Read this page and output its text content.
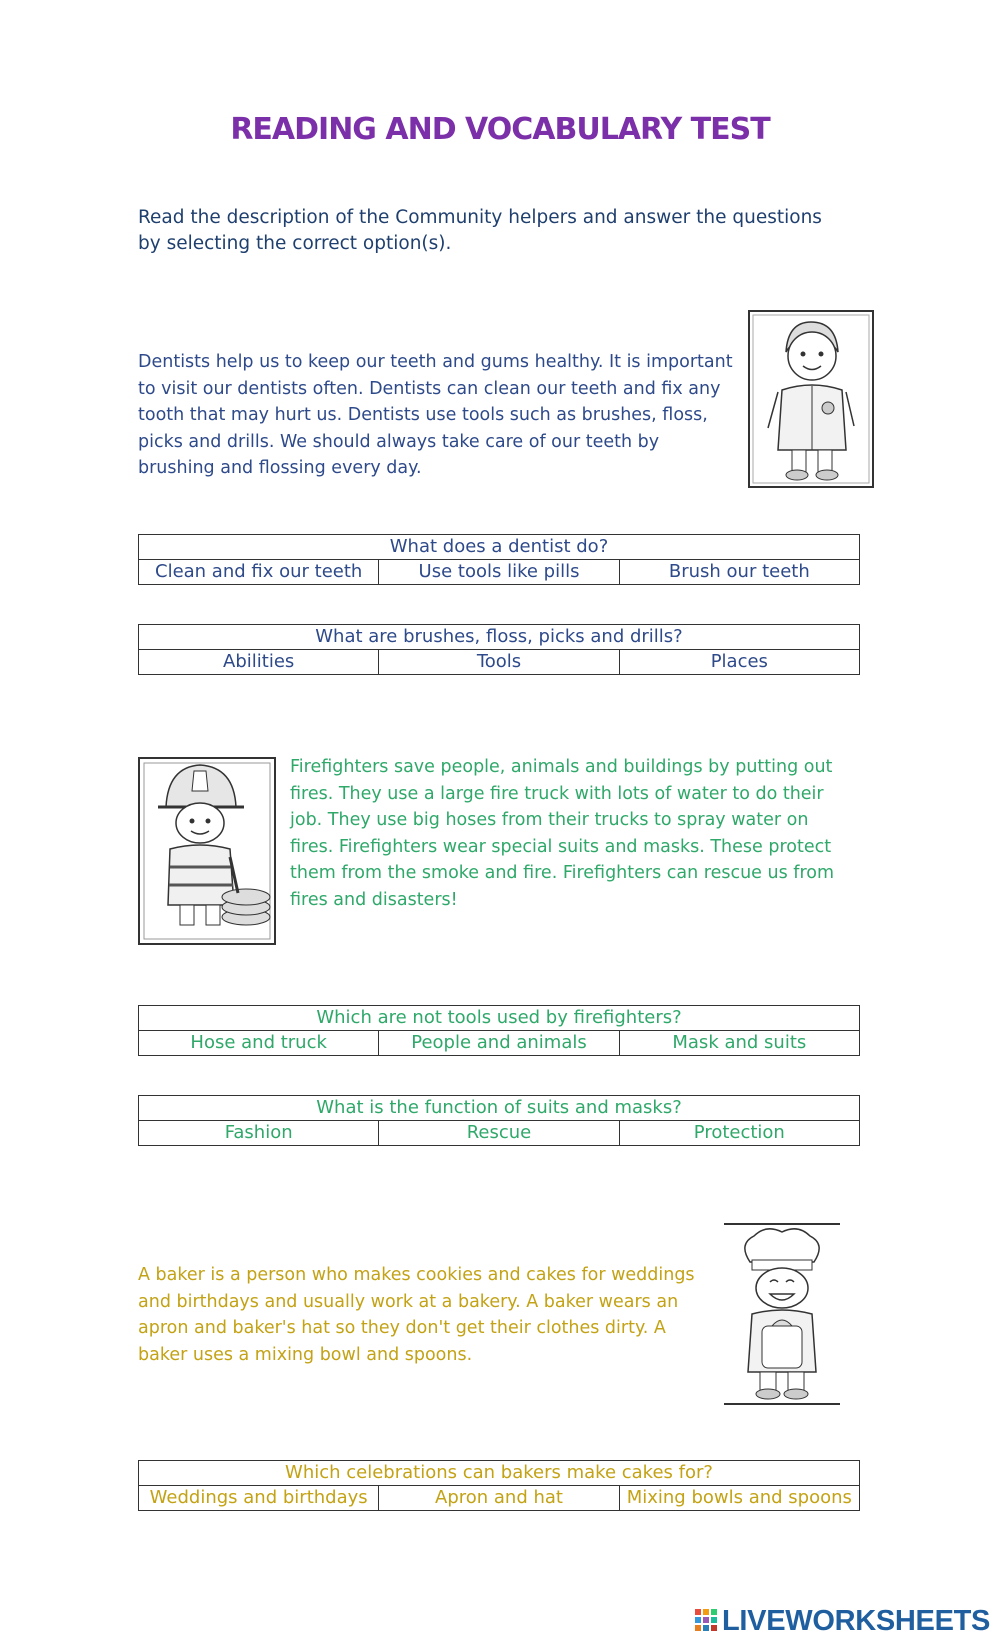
READING AND VOCABULARY TEST
Read the description of the Community helpers and answer the questions by selecting the correct option(s).
Dentists help us to keep our teeth and gums healthy. It is important to visit our dentists often. Dentists can clean our teeth and fix any tooth that may hurt us. Dentists use tools such as brushes, floss, picks and drills. We should always take care of our teeth by brushing and flossing every day.
What does a dentist do?
Clean and fix our teeth	Use tools like pills	Brush our teeth
What are brushes, floss, picks and drills?
Abilities	Tools	Places
Firefighters save people, animals and buildings by putting out fires. They use a large fire truck with lots of water to do their job. They use big hoses from their trucks to spray water on fires. Firefighters wear special suits and masks. These protect them from the smoke and fire. Firefighters can rescue us from fires and disasters!
Which are not tools used by firefighters?
Hose and truck	People and animals	Mask and suits
What is the function of suits and masks?
Fashion	Rescue	Protection
A baker is a person who makes cookies and cakes for weddings and birthdays and usually work at a bakery. A baker wears an apron and baker's hat so they don't get their clothes dirty. A baker uses a mixing bowl and spoons.
Which celebrations can bakers make cakes for?
Weddings and birthdays	Apron and hat	Mixing bowls and spoons
LIVEWORKSHEETS
